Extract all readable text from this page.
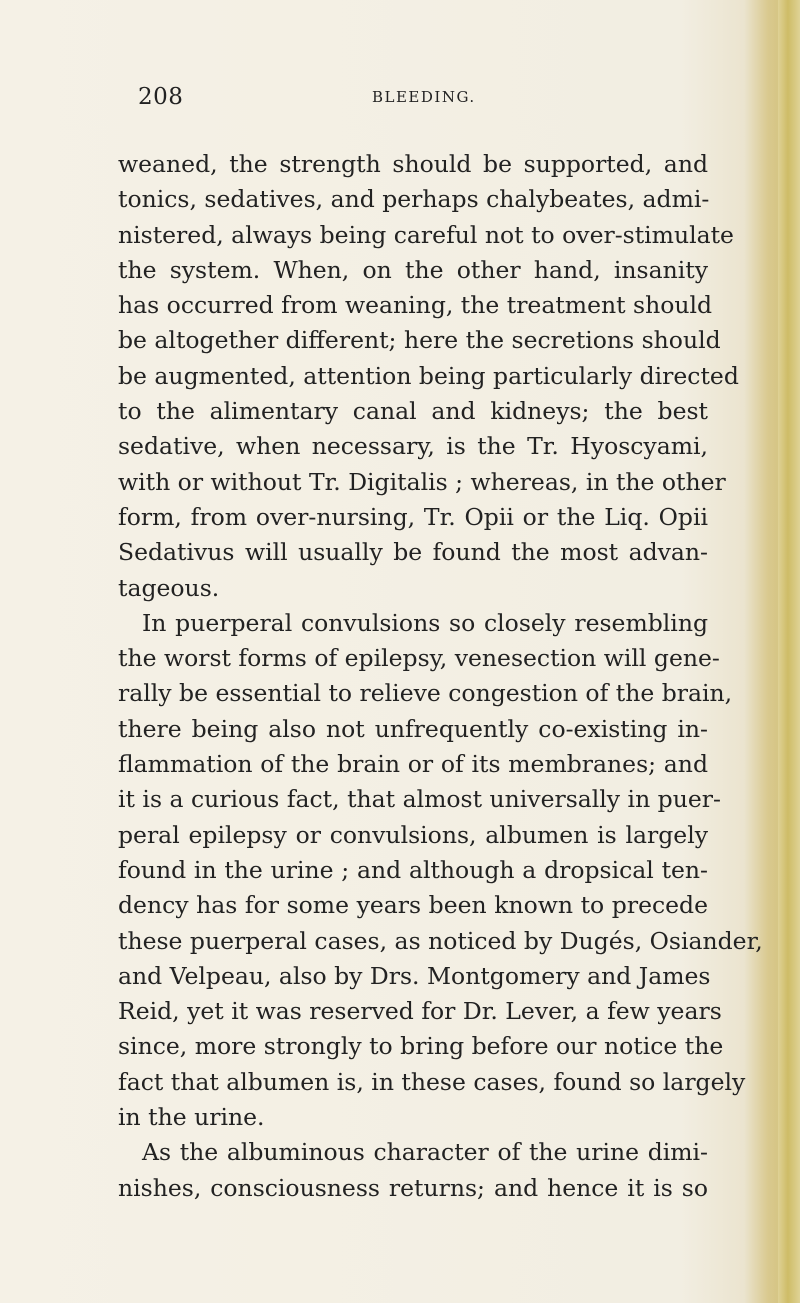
208	BLEEDING.
weaned, the strength should be supported, and
tonics, sedatives, and perhaps chalybeates, admi-
nistered, always being careful not to over-stimulate
the system. When, on the other hand, insanity
has occurred from weaning, the treatment should
be altogether different; here the secretions should
be augmented, attention being particularly directed
to the alimentary canal and kidneys; the best
sedative, when necessary, is the Tr. Hyoscyami,
with or without Tr. Digitalis ; whereas, in the other
form, from over-nursing, Tr. Opii or the Liq. Opii
Sedativus will usually be found the most advan-
tageous.
In puerperal convulsions so closely resembling
the worst forms of epilepsy, venesection will gene-
rally be essential to relieve congestion of the brain,
there being also not unfrequently co-existing in-
flammation of the brain or of its membranes; and
it is a curious fact, that almost universally in puer-
peral epilepsy or convulsions, albumen is largely
found in the urine ; and although a dropsical ten-
dency has for some years been known to precede
these puerperal cases, as noticed by Dugés, Osiander,
and Velpeau, also by Drs. Montgomery and James
Reid, yet it was reserved for Dr. Lever, a few years
since, more strongly to bring before our notice the
fact that albumen is, in these cases, found so largely
in the urine.
As the albuminous character of the urine dimi-
nishes, consciousness returns; and hence it is so
